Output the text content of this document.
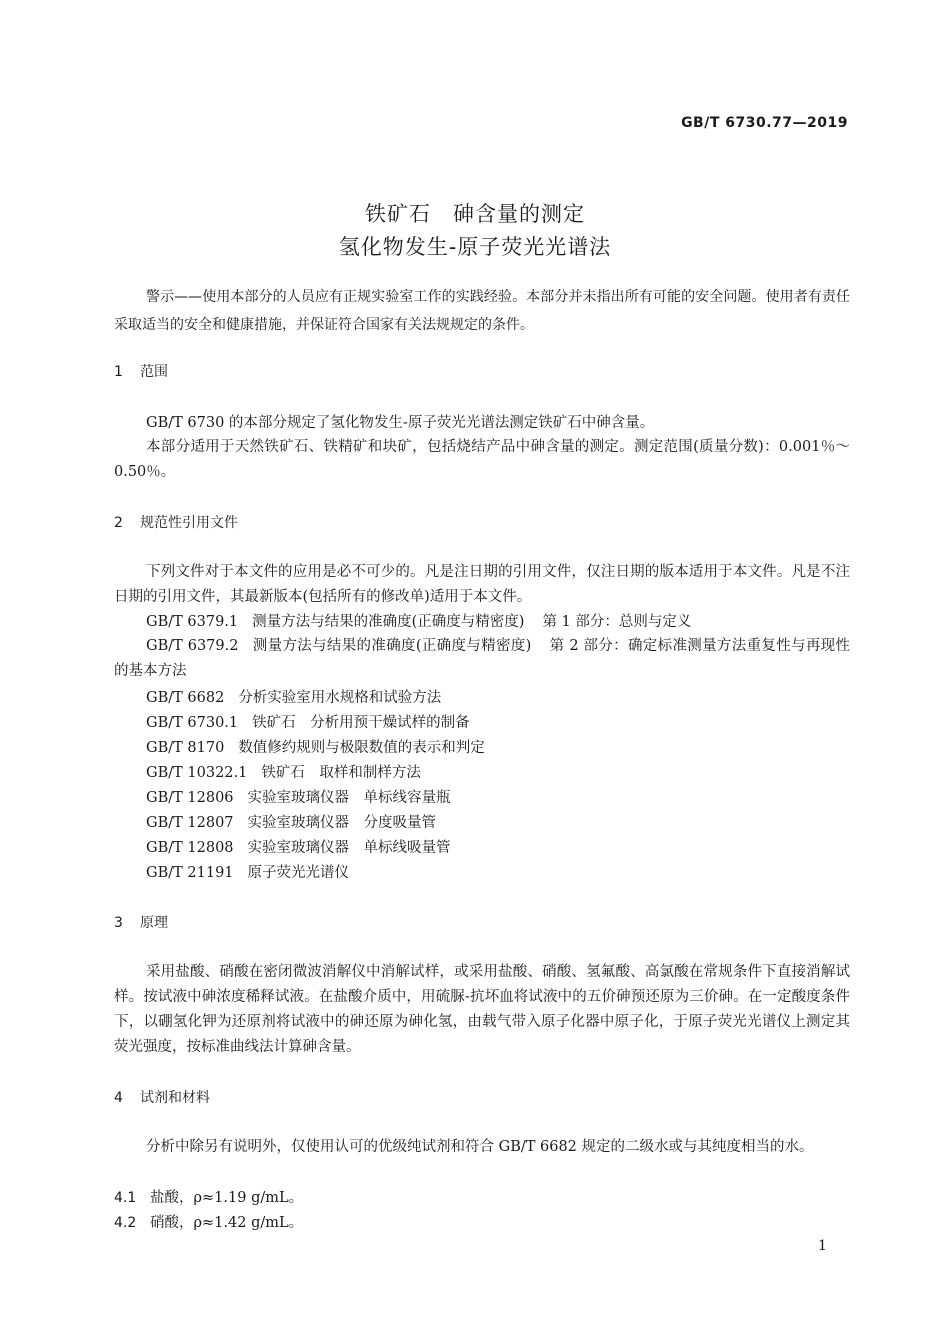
GB/T 6730.77—2019
铁矿石　砷含量的测定
氢化物发生-原子荧光光谱法
警示——使用本部分的人员应有正规实验室工作的实践经验。本部分并未指出所有可能的安全问题。使用者有责任采取适当的安全和健康措施，并保证符合国家有关法规规定的条件。
1 范围
GB/T 6730 的本部分规定了氢化物发生-原子荧光光谱法测定铁矿石中砷含量。
本部分适用于天然铁矿石、铁精矿和块矿，包括烧结产品中砷含量的测定。测定范围(质量分数)：0.001％～0.50％。
2 规范性引用文件
下列文件对于本文件的应用是必不可少的。凡是注日期的引用文件，仅注日期的版本适用于本文件。凡是不注日期的引用文件，其最新版本(包括所有的修改单)适用于本文件。
GB/T 6379.1 测量方法与结果的准确度(正确度与精密度) 第 1 部分：总则与定义
GB/T 6379.2 测量方法与结果的准确度(正确度与精密度) 第 2 部分：确定标准测量方法重复性与再现性的基本方法
GB/T 6682 分析实验室用水规格和试验方法
GB/T 6730.1 铁矿石　分析用预干燥试样的制备
GB/T 8170 数值修约规则与极限数值的表示和判定
GB/T 10322.1 铁矿石　取样和制样方法
GB/T 12806 实验室玻璃仪器　单标线容量瓶
GB/T 12807 实验室玻璃仪器　分度吸量管
GB/T 12808 实验室玻璃仪器　单标线吸量管
GB/T 21191 原子荧光光谱仪
3 原理
采用盐酸、硝酸在密闭微波消解仪中消解试样，或采用盐酸、硝酸、氢氟酸、高氯酸在常规条件下直接消解试样。按试液中砷浓度稀释试液。在盐酸介质中，用硫脲-抗坏血将试液中的五价砷预还原为三价砷。在一定酸度条件下，以硼氢化钾为还原剂将试液中的砷还原为砷化氢，由载气带入原子化器中原子化，于原子荧光光谱仪上测定其荧光强度，按标准曲线法计算砷含量。
4 试剂和材料
分析中除另有说明外，仅使用认可的优级纯试剂和符合 GB/T 6682 规定的二级水或与其纯度相当的水。
4.1 盐酸，ρ≈1.19 g/mL。
4.2 硝酸，ρ≈1.42 g/mL。
1
